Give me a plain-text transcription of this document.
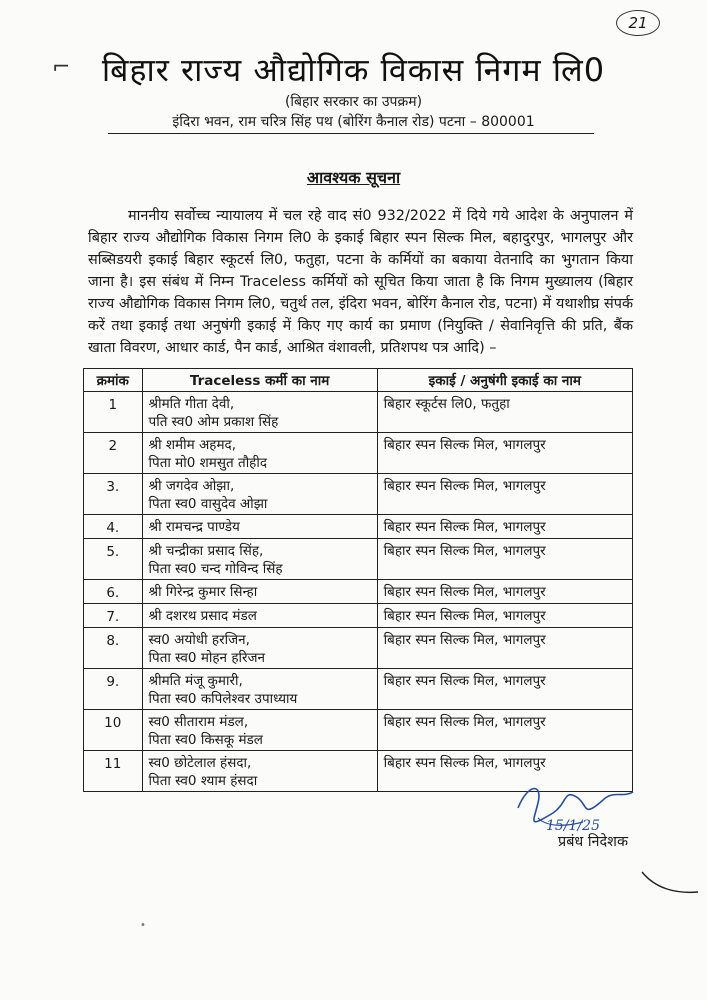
21
⌐ बिहार राज्य औद्योगिक विकास निगम लि0
(बिहार सरकार का उपक्रम)
इंदिरा भवन, राम चरित्र सिंह पथ (बोरिंग कैनाल रोड) पटना – 800001
आवश्यक सूचना

माननीय सर्वोच्च न्यायालय में चल रहे वाद सं0 932/2022 में दिये गये आदेश के अनुपालन में बिहार राज्य औद्योगिक विकास निगम लि0 के इकाई बिहार स्पन सिल्क मिल, बहादुरपुर, भागलपुर और सब्सिडयरी इकाई बिहार स्कूटर्स लि0, फतुहा, पटना के कर्मियों का बकाया वेतनादि का भुगतान किया जाना है। इस संबंध में निम्न Traceless कर्मियों को सूचित किया जाता है कि निगम मुख्यालय (बिहार राज्य औद्योगिक विकास निगम लि0, चतुर्थ तल, इंदिरा भवन, बोरिंग कैनाल रोड, पटना) में यथाशीघ्र संपर्क करें तथा इकाई तथा अनुषंगी इकाई में किए गए कार्य का प्रमाण (नियुक्ति / सेवानिवृत्ति की प्रति, बैंक खाता विवरण, आधार कार्ड, पैन कार्ड, आश्रित वंशावली, प्रतिशपथ पत्र आदि) –

क्रमांक	Traceless कर्मी का नाम	इकाई / अनुषंगी इकाई का नाम
1	श्रीमति गीता देवी,
पति स्व0 ओम प्रकाश सिंह	बिहार स्कूर्टस लि0, फतुहा
2	श्री शमीम अहमद,
पिता मो0 शमसुत तौहीद	बिहार स्पन सिल्क मिल, भागलपुर
3.	श्री जगदेव ओझा,
पिता स्व0 वासुदेव ओझा	बिहार स्पन सिल्क मिल, भागलपुर
4.	श्री रामचन्द्र पाण्डेय	बिहार स्पन सिल्क मिल, भागलपुर
5.	श्री चन्द्रीका प्रसाद सिंह,
पिता स्व0 चन्द गोविन्द सिंह	बिहार स्पन सिल्क मिल, भागलपुर
6.	श्री गिरेन्द्र कुमार सिन्हा	बिहार स्पन सिल्क मिल, भागलपुर
7.	श्री दशरथ प्रसाद मंडल	बिहार स्पन सिल्क मिल, भागलपुर
8.	स्व0 अयोधी हरजिन,
पिता स्व0 मोहन हरिजन	बिहार स्पन सिल्क मिल, भागलपुर
9.	श्रीमति मंजू कुमारी,
पिता स्व0 कपिलेश्वर उपाध्याय	बिहार स्पन सिल्क मिल, भागलपुर
10	स्व0 सीताराम मंडल,
पिता स्व0 किसकू मंडल	बिहार स्पन सिल्क मिल, भागलपुर
11	स्व0 छोटेलाल हंसदा,
पिता स्व0 श्याम हंसदा	बिहार स्पन सिल्क मिल, भागलपुर
15/1/25
प्रबंध निदेशक
•
